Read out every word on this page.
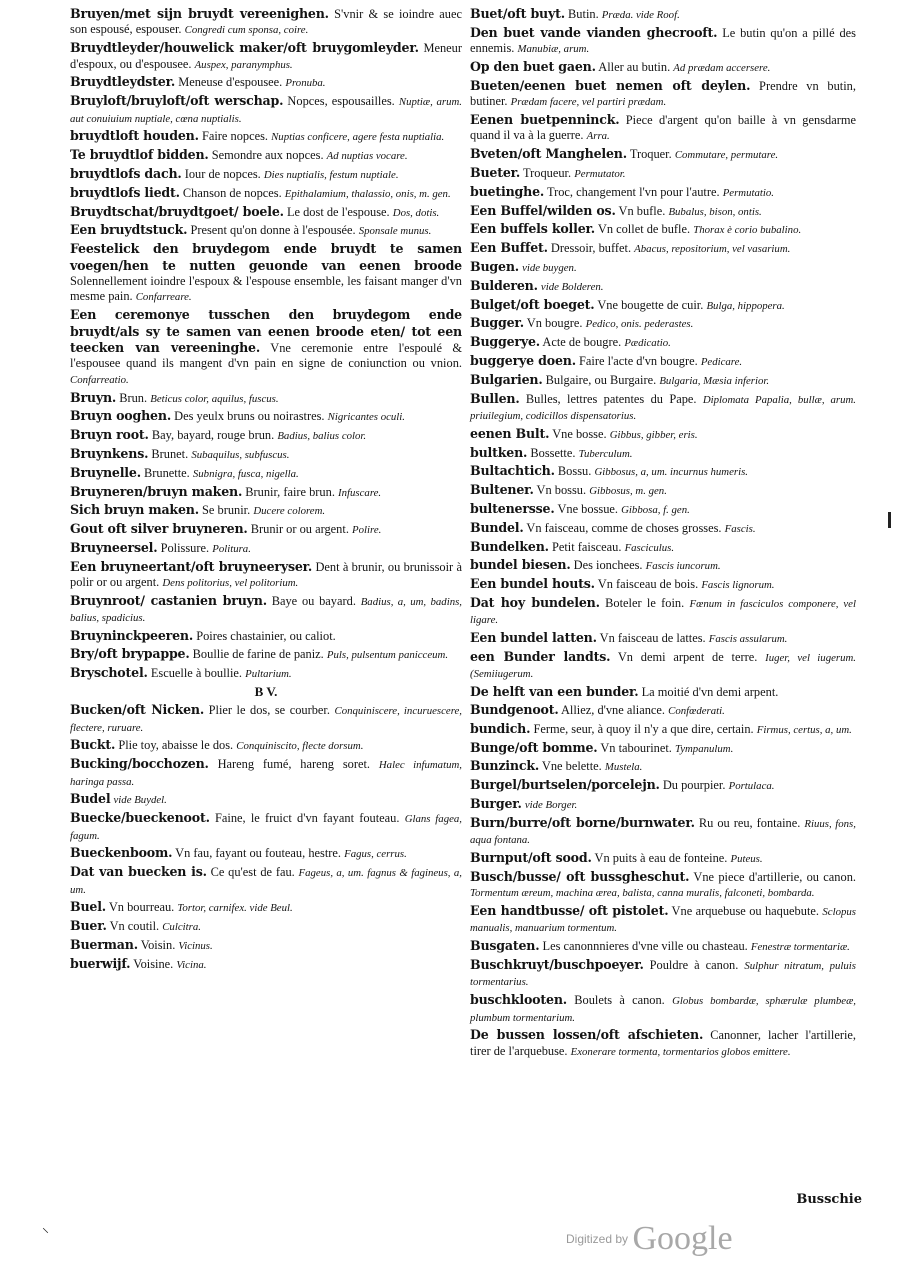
Bruyen/met sijn bruydt vereenighen. S'vnir & se ioindre auec son espousé, espouser. Congredi cum sponsa, coire.
Bruydtleyder/houwelick maker/oft bruygomleyder. Meneur d'espoux, ou d'espousee. Auspex, paranymphus.
Bruydtleydster. Meneuse d'espousee. Pronuba.
Bruyloft/bruyloft/oft werschap. Nopces, espousailles. Nuptiæ, arum. aut conuiuium nuptiale, cœna nuptialis.
bruydtloft houden. Faire nopces. Nuptias conficere, agere festa nuptialia.
Te bruydtlof bidden. Semondre aux nopces. Ad nuptias vocare.
bruydtlofs dach. Iour de nopces. Dies nuptialis, festum nuptiale.
bruydtlofs liedt. Chanson de nopces. Epithalamium, thalassio, onis, m. gen.
Bruydtschat/bruydtgoet/ boele. Le dost de l'espouse. Dos, dotis.
Een bruydtstuck. Present qu'on donne à l'espousée. Sponsale munus.
Feestelick den bruydegom ende bruydt te samen voegen/hen te nutten geuonde van eenen broode Solennellement ioindre l'espoux & l'espouse ensemble, les faisant manger d'vn mesme pain. Confarreare.
Een ceremonye tusschen den bruydegom ende bruydt/als sy te samen van eenen broode eten/ tot een teecken van vereeninghe. Vne ceremonie entre l'espoulé & l'espousee quand ils mangent d'vn pain en signe de coniunction ou vnion. Confarreatio.
Bruyn. Brun. Beticus color, aquilus, fuscus.
Bruyn ooghen. Des yeulx bruns ou noirastres. Nigricantes oculi.
Bruyn root. Bay, bayard, rouge brun. Badius, balius color.
Bruynkens. Brunet. Subaquilus, subfuscus.
Bruynelle. Brunette. Subnigra, fusca, nigella.
Bruyneren/bruyn maken. Brunir, faire brun. Infuscare.
Sich bruyn maken. Se brunir. Ducere colorem.
Gout oft silver bruyneren. Brunir or ou argent. Polire.
Bruyneersel. Polissure. Politura.
Een bruyneertant/oft bruyneeryser. Dent à brunir, ou brunissoir à polir or ou argent. Dens politorius, vel politorium.
Bruynroot/ castanien bruyn. Baye ou bayard. Badius, a, um, badins, balius, spadicius.
Bruyninckpeeren. Poires chastainier, ou caliot.
Bry/oft brypappe. Boullie de farine de paniz. Puls, pulsentum panicceum.
Bryschotel. Escuelle à boullie. Pultarium.
B V.
Bucken/oft Nicken. Plier le dos, se courber. Conquiniscere, incuruescere, flectere, ruruare.
Buckt. Plie toy, abaisse le dos. Conquiniscito, flecte dorsum.
Bucking/bocchozen. Hareng fumé, hareng soret. Halec infumatum, haringa passa.
Budel vide Buydel.
Buecke/bueckenoot. Faine, le fruict d'vn fayant fouteau. Glans fagea, fagum.
Bueckenboom. Vn fau, fayant ou fouteau, hestre. Fagus, cerrus.
Dat van buecken is. Ce qu'est de fau. Fageus, a, um. fagnus & fagineus, a, um.
Buel. Vn bourreau. Tortor, carnifex. vide Beul.
Buer. Vn coutil. Culcitra.
Buerman. Voisin. Vicinus.
buerwijf. Voisine. Vicina.
Buet/oft buyt. Butin. Præda. vide Roof.
Den buet vande vianden ghecrooft. Le butin qu'on a pillé des ennemis. Manubiæ, arum.
Op den buet gaen. Aller au butin. Ad prædam accersere.
Bueten/eenen buet nemen oft deylen. Prendre vn butin, butiner. Prædam facere, vel partiri prædam.
Eenen buetpenninck. Piece d'argent qu'on baille à vn gensdarme quand il va à la guerre. Arra.
Bveten/oft Manghelen. Troquer. Commutare, permutare.
Bueter. Troqueur. Permutator.
buetinghe. Troc, changement l'vn pour l'autre. Permutatio.
Een Buffel/wilden os. Vn bufle. Bubalus, bison, ontis.
Een buffels koller. Vn collet de bufle. Thorax è corio bubalino.
Een Buffet. Dressoir, buffet. Abacus, repositorium, vel vasarium.
Bugen. vide buygen.
Bulderen. vide Bolderen.
Bulget/oft boeget. Vne bougette de cuir. Bulga, hippopera.
Bugger. Vn bougre. Pedico, onis. pederastes.
Buggerye. Acte de bougre. Pædicatio.
buggerye doen. Faire l'acte d'vn bougre. Pedicare.
Bulgarien. Bulgaire, ou Burgaire. Bulgaria, Mæsia inferior.
Bullen. Bulles, lettres patentes du Pape. Diplomata Papalia, bullæ, arum. priuilegium, codicillos dispensatorius.
eenen Bult. Vne bosse. Gibbus, gibber, eris.
bultken. Bossette. Tuberculum.
Bultachtich. Bossu. Gibbosus, a, um. incurnus humeris.
Bultener. Vn bossu. Gibbosus, m. gen.
bultenersse. Vne bossue. Gibbosa, f. gen.
Bundel. Vn faisceau, comme de choses grosses. Fascis.
Bundelken. Petit faisceau. Fasciculus.
bundel biesen. Des ionchees. Fascis iuncorum.
Een bundel houts. Vn faisceau de bois. Fascis lignorum.
Dat hoy bundelen. Boteler le foin. Fœnum in fasciculos componere, vel ligare.
Een bundel latten. Vn faisceau de lattes. Fascis assularum.
een Bunder landts. Vn demi arpent de terre. Iuger, vel iugerum. (Semiiugerum.
De helft van een bunder. La moitié d'vn demi arpent.
Bundgenoot. Alliez, d'vne aliance. Confœderati.
bundich. Ferme, seur, à quoy il n'y a que dire, certain. Firmus, certus, a, um.
Bunge/oft bomme. Vn tabourinet. Tympanulum.
Bunzinck. Vne belette. Mustela.
Burgel/burtselen/porcelejn. Du pourpier. Portulaca.
Burger. vide Borger.
Burn/burre/oft borne/burnwater. Ru ou reu, fontaine. Riuus, fons, aqua fontana.
Burnput/oft sood. Vn puits à eau de fonteine. Puteus.
Busch/busse/ oft bussgheschut. Vne piece d'artillerie, ou canon. Tormentum æreum, machina ærea, balista, canna muralis, falconeti, bombarda.
Een handtbusse/ oft pistolet. Vne arquebuse ou haquebute. Sclopus manualis, manuarium tormentum.
Busgaten. Les canonnnieres d'vne ville ou chasteau. Fenestræ tormentariæ.
Buschkruyt/buschpoeyer. Pouldre à canon. Sulphur nitratum, puluis tormentarius.
buschklooten. Boulets à canon. Globus bombardæ, sphærulæ plumbeæ, plumbum tormentarium.
De bussen lossen/oft afschieten. Canonner, lacher l'artillerie, tirer de l'arquebuse. Exonerare tormenta, tormentarios globos emittere.
Busschie
Digitized by Google
⸜
